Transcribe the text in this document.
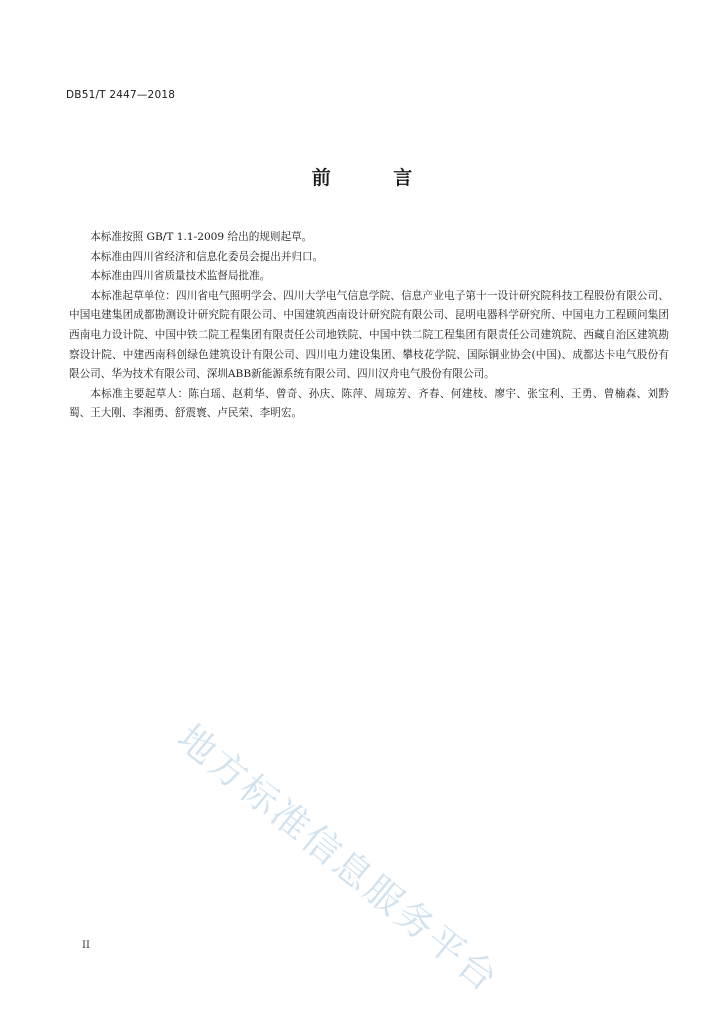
DB51/T 2447—2018
前 言

本标准按照 GB/T 1.1-2009 给出的规则起草。

本标准由四川省经济和信息化委员会提出并归口。

本标准由四川省质量技术监督局批准。

本标准起草单位：四川省电气照明学会、四川大学电气信息学院、信息产业电子第十一设计研究院科技工程股份有限公司、中国电建集团成都勘测设计研究院有限公司、中国建筑西南设计研究院有限公司、昆明电器科学研究所、中国电力工程顾问集团西南电力设计院、中国中铁二院工程集团有限责任公司地铁院、中国中铁二院工程集团有限责任公司建筑院、西藏自治区建筑勘察设计院、中建西南科创绿色建筑设计有限公司、四川电力建设集团、攀枝花学院、国际铜业协会(中国)、成都达卡电气股份有限公司、华为技术有限公司、深圳ABB新能源系统有限公司、四川汉舟电气股份有限公司。

本标准主要起草人：陈白瑶、赵莉华、曾奇、孙庆、陈萍、周琼芳、齐春、何建枝、廖宇、张宝利、王勇、曾楠森、刘黔蜀、王大刚、李湘勇、舒震寰、卢民荣、李明宏。

地方标准信息服务平台
II
